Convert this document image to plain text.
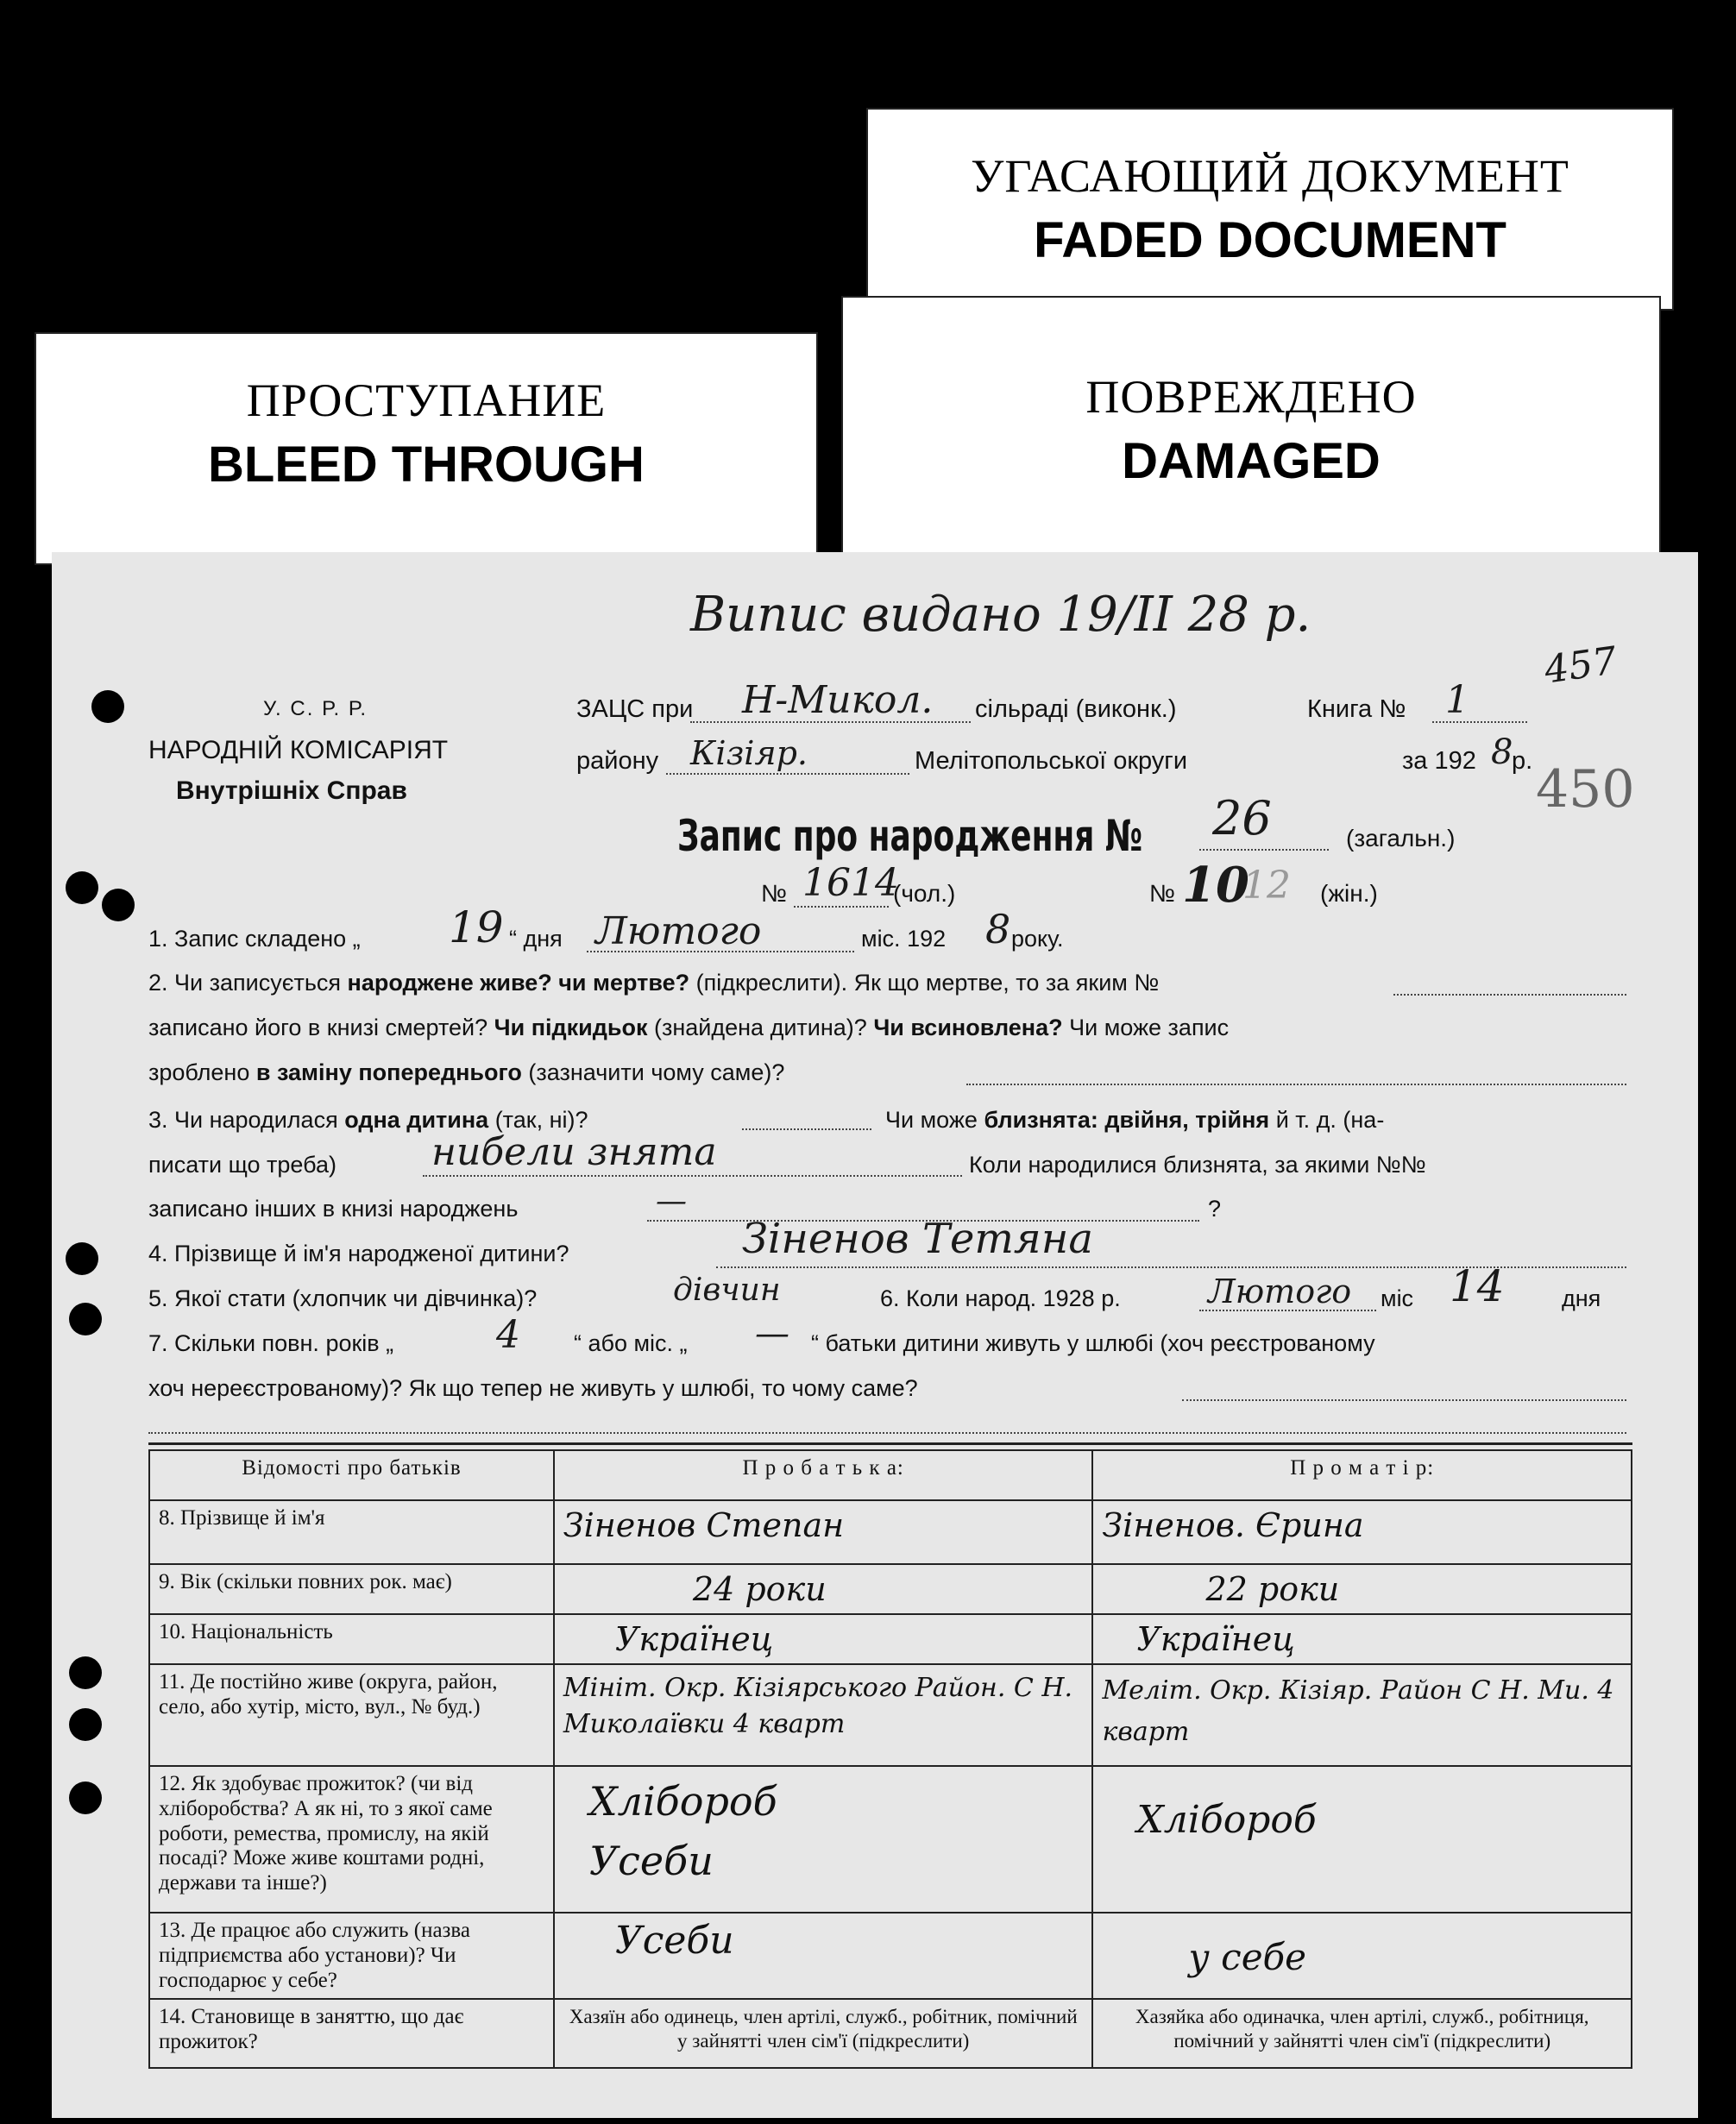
УГАСАЮЩИЙ ДОКУМЕНТ
FADED DOCUMENT
ПОВРЕЖДЕНО
DAMAGED
ПРОСТУПАНИЕ
BLEED THROUGH
Випис видано 19/II 28 р.
457
450
У. С. Р. Р.
НАРОДНІЙ КОМІСАРІЯТ
Внутрішніх Справ
ЗАЦС при Н-Микол. сільраді (виконк.)	Книга № 1
району Кізіяр.	Мелітопольської округи	за 192 8
р.
Запис про народження № 26	(загальн.)
№ 1614
(чол.)	№ 10
12 (жін.)
1. Запис складено „ 19 “ дня Лютого	міс. 192 8 року.
2. Чи записується народжене живе? чи мертве? (підкреслити). Як що мертве, то за яким №
записано його в книзі смертей? Чи підкидьок (знайдена дитина)? Чи всиновлена? Чи може запис
зроблено в заміну попереднього (зазначити чому саме)?
3. Чи народилася одна дитина (так, ні)?	Чи може близнята: двійня, трійня й т. д. (на-
писати що треба)	нибели знята	Коли народилися близнята, за якими №№
записано інших в книзі народжень	—	?
4. Прізвище й ім'я народженої дитини?	Зіненов Тетяна
5. Якої стати (хлопчик чи дівчинка)?	дівчин	6. Коли народ. 1928 р.	Лютого міс 14 дня
7. Скільки повн. років „	4 “ або міс. „ — “ батьки дитини живуть у шлюбі (хоч реєстрованому
хоч нереєстрованому)? Як що тепер не живуть у шлюбі, то чому саме?
Відомості про батьків	П р о б а т ь к а:	П р о м а т і р:
8. Прізвище й ім'я	Зіненов Степан	Зіненов. Єрина

9. Вік (скільки повних рок. має)	24 роки	22 роки

10. Національність	Українец	Українец

11. Де постійно живе (округа, район, село, або хутір, місто, вул., № буд.)	Мініт. Окр. Кізіярського Район. С Н. Миколаївки 4 кварт	Меліт. Окр. Кізіяр. Район С Н. Ми. 4 кварт

12. Як здобуває прожиток? (чи від хліборобства? А як ні, то з якої саме роботи, ремества, промислу, на якій посаді? Може живе коштами родні, держави та інше?)	Хлібороб Усеби	Хлібороб

13. Де працює або служить (назва підприємства або установи)? Чи господарює у себе?	Усеби	у себе

14. Становище в заняттю, що дає прожиток?	Хазяїн або одинець, член артілі, служб., робітник, помічний у зайнятті член сім'ї (підкреслити)	Хазяйка або одиначка, член артілі, служб., робітниця, помічний у зайнятті член сім'ї (підкреслити)
